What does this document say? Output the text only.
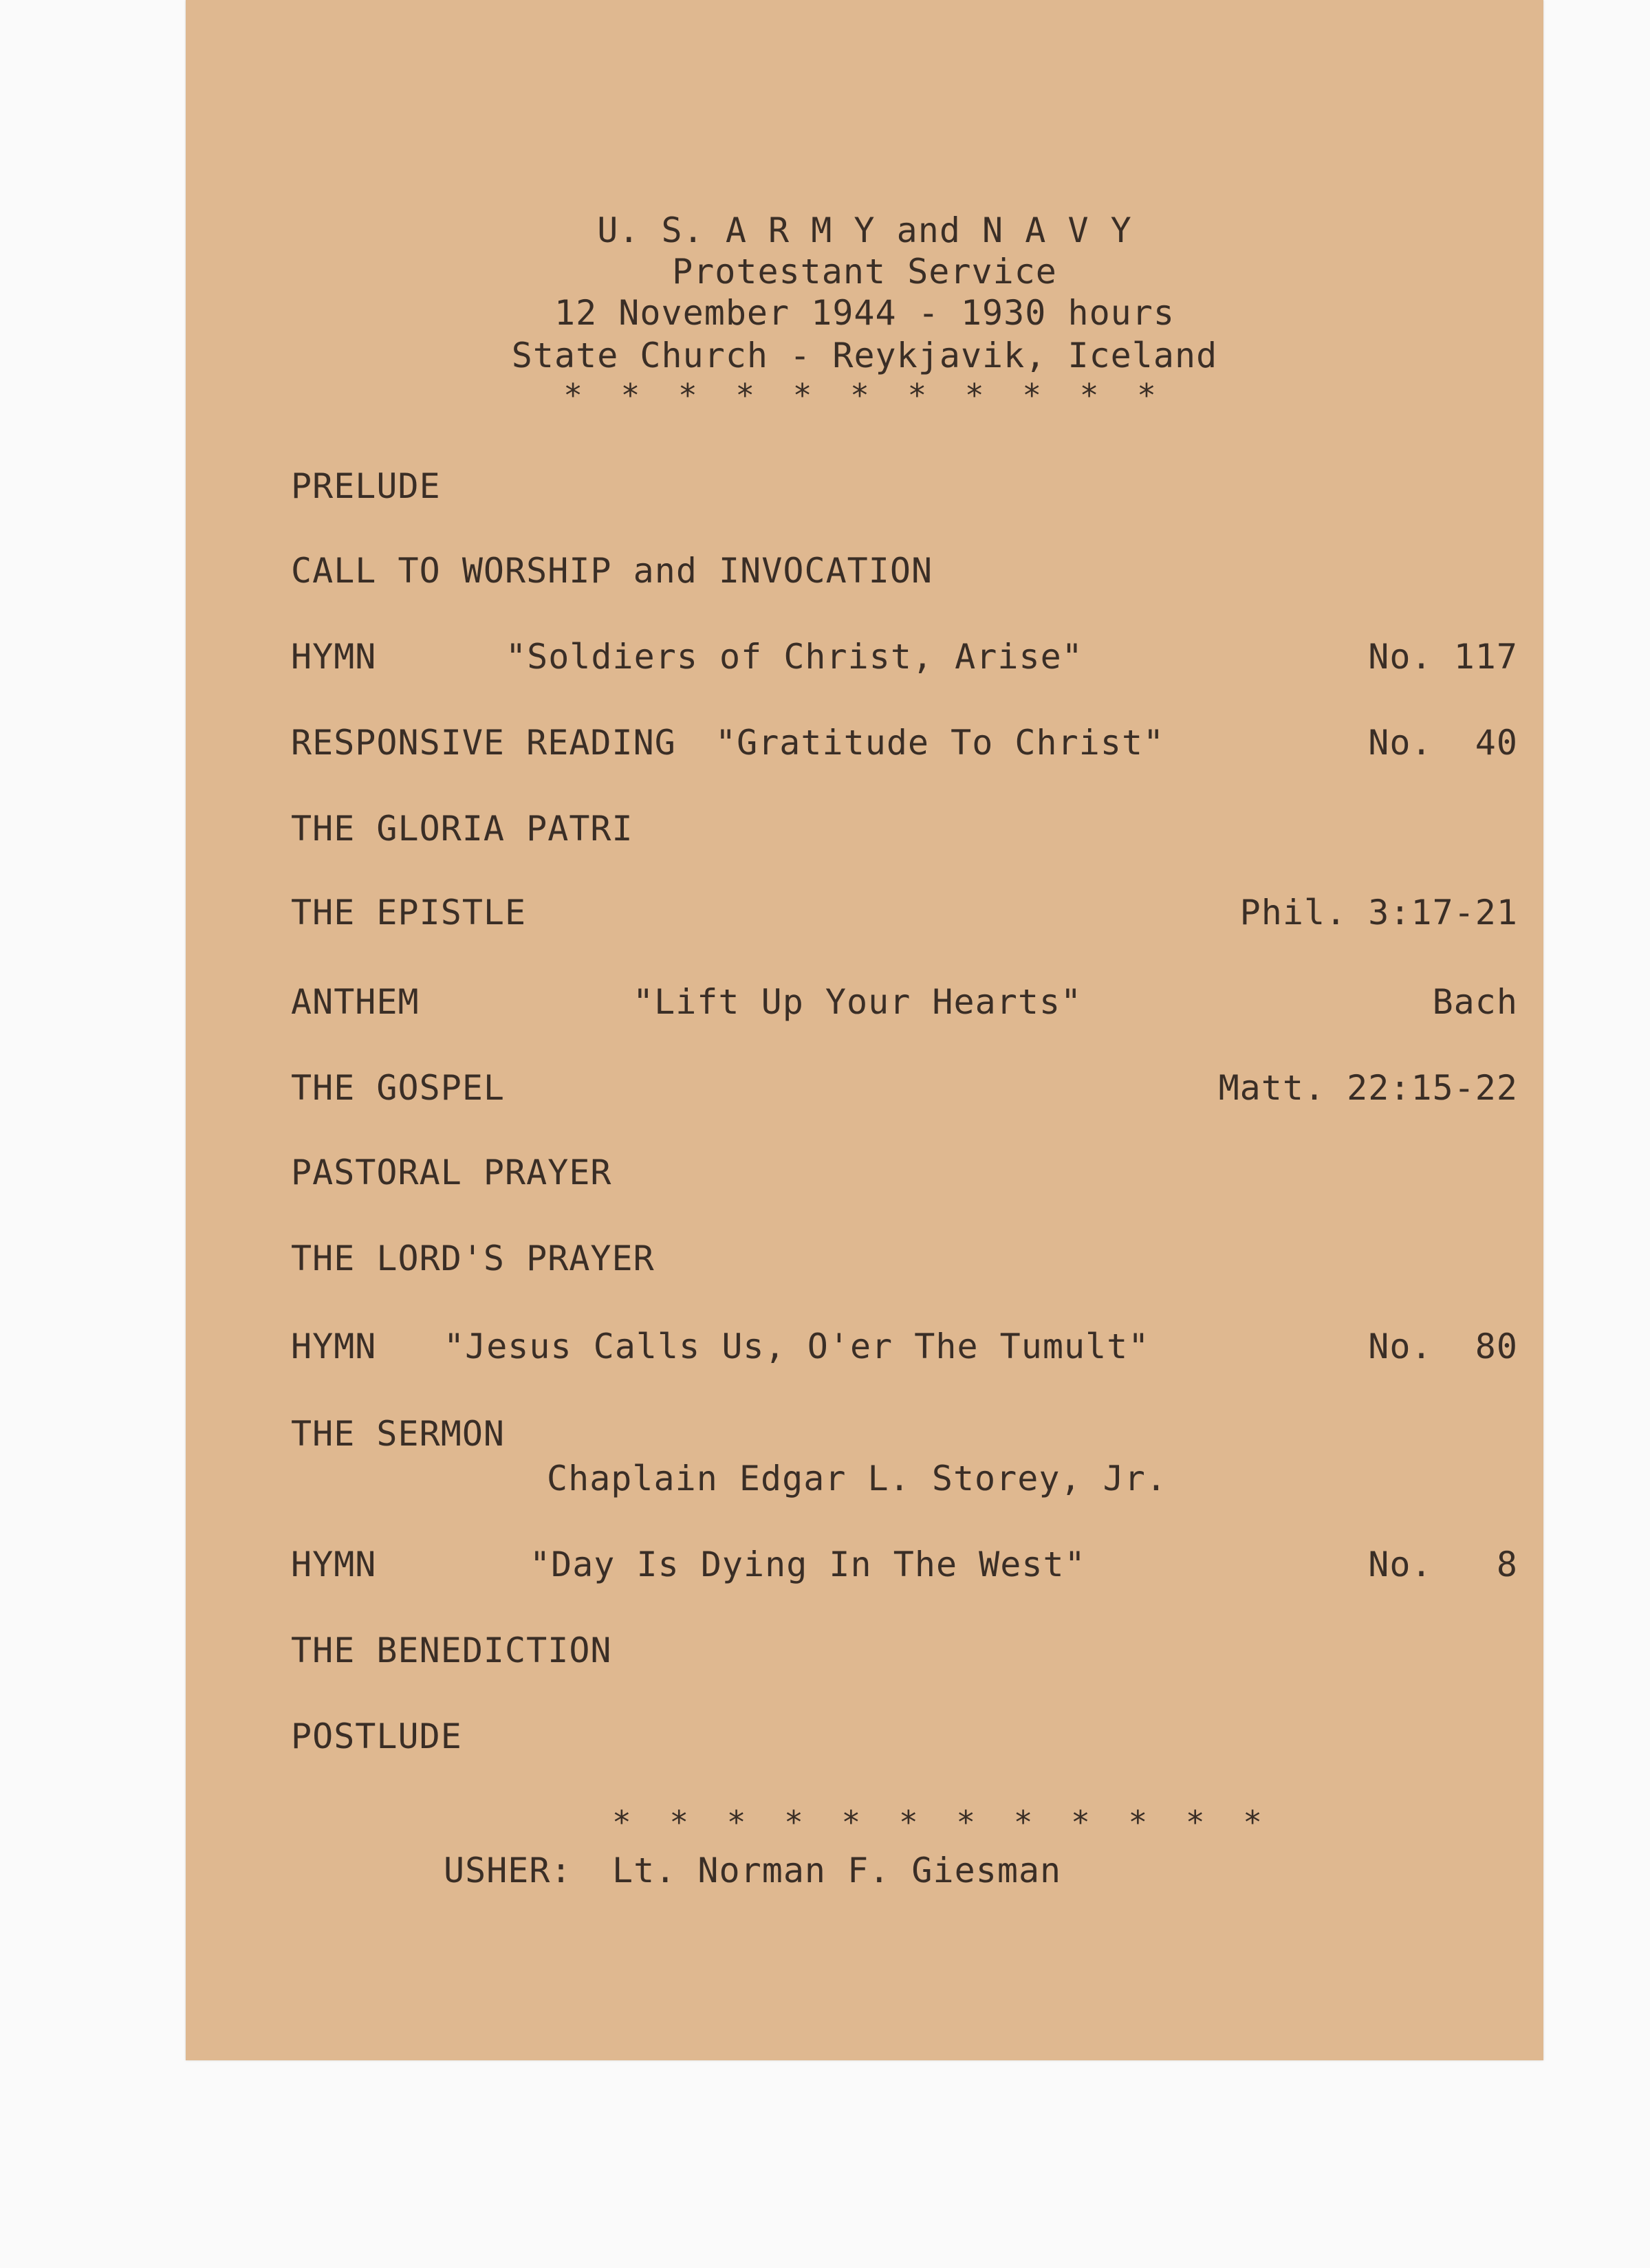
U. S. A R M Y and N A V Y
Protestant Service
12 November 1944 - 1930 hours
State Church - Reykjavik, Iceland
* * * * * * * * * * *
PRELUDE
CALL TO WORSHIP and INVOCATION
HYMN	"Soldiers of Christ, Arise"	No. 117
RESPONSIVE READING "Gratitude To Christ"	No.  40
THE GLORIA PATRI
THE EPISTLE	Phil. 3:17-21
ANTHEM	"Lift Up Your Hearts"	Bach
THE GOSPEL	Matt. 22:15-22
PASTORAL PRAYER
THE LORD'S PRAYER
HYMN "Jesus Calls Us, O'er The Tumult"	No.  80
THE SERMON
Chaplain Edgar L. Storey, Jr.
HYMN	"Day Is Dying In The West"	No.   8
THE BENEDICTION
POSTLUDE
* * * * * * * * * * * *
USHER: Lt. Norman F. Giesman
